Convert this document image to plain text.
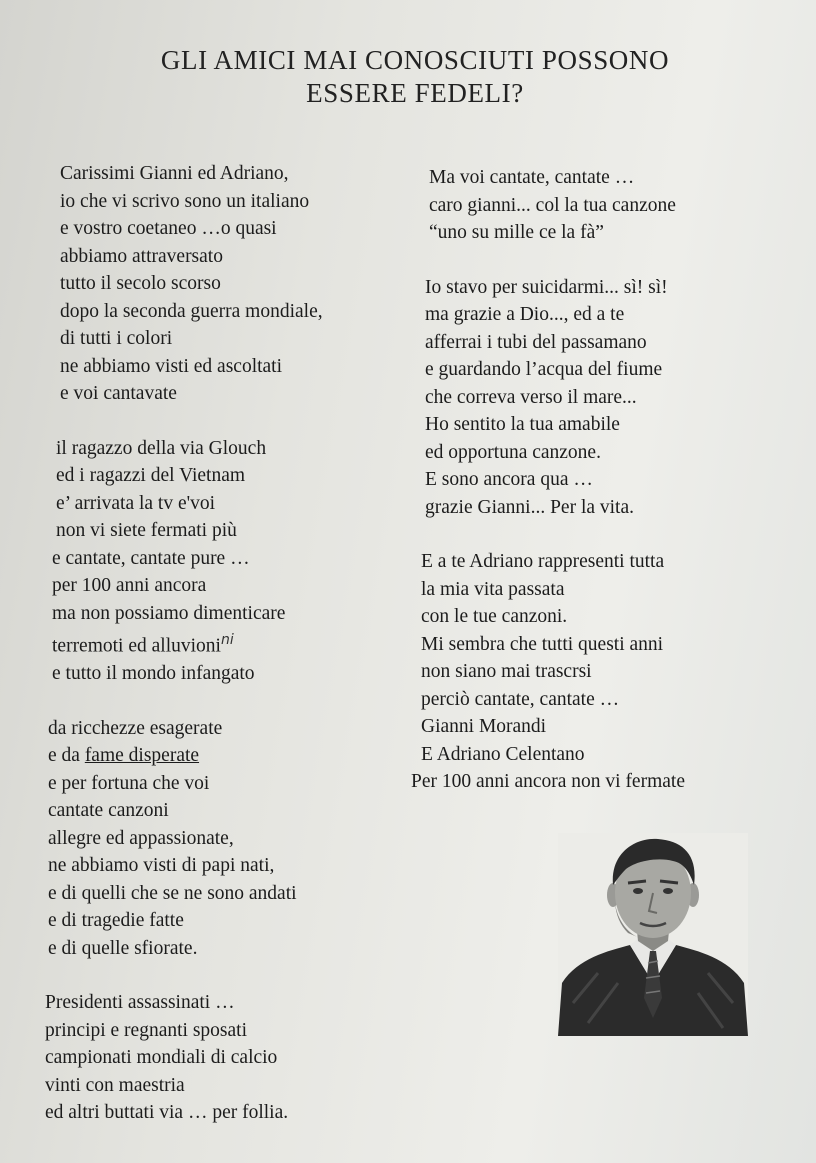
GLI AMICI MAI CONOSCIUTI POSSONO
ESSERE FEDELI?
Carissimi Gianni ed Adriano,
io che vi scrivo sono un italiano
e vostro coetaneo …o quasi
abbiamo attraversato
tutto il secolo scorso
dopo la seconda guerra mondiale,
di tutti i colori
ne abbiamo visti ed ascoltati
e voi cantavate
il ragazzo della via Glouch
ed i ragazzi del Vietnam
e’ arrivata la tv e'voi
non vi siete fermati più
e cantate, cantate pure …
per 100 anni ancora
ma non possiamo dimenticare
terremoti ed alluvioni$^{ni}$
e tutto il mondo infangato
da ricchezze esagerate
e da fame disperate
e per fortuna che voi
cantate canzoni
allegre ed appassionate,
ne abbiamo visti di papi nati,
e di quelli che se ne sono andati
e di tragedie fatte
e di quelle sfiorate.
Presidenti assassinati …
principi e regnanti sposati
campionati mondiali di calcio
vinti con maestria
ed altri buttati via … per follia.
Ma voi cantate, cantate …
caro gianni... col la tua canzone
“uno su mille ce la fà”
Io stavo per suicidarmi... sì! sì!
ma grazie a Dio..., ed a te
afferrai i tubi del passamano
e guardando l’acqua del fiume
che correva verso il mare...
Ho sentito la tua amabile
ed opportuna canzone.
E sono ancora qua …
grazie Gianni... Per la vita.
E a te Adriano rappresenti tutta
la mia vita passata
con le tue canzoni.
Mi sembra che tutti questi anni
non siano mai trascrsi
perciò cantate, cantate …
Gianni Morandi
E Adriano Celentano
Per 100 anni ancora non vi fermate
